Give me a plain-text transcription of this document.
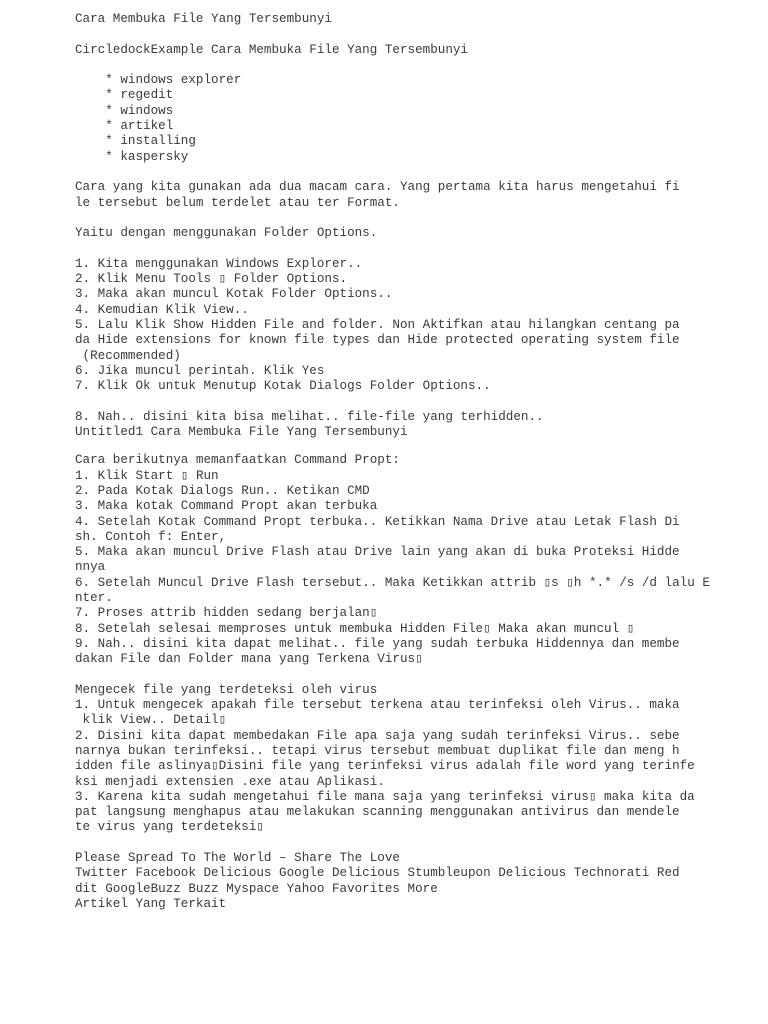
Cara Membuka File Yang Tersembunyi
CircledockExample Cara Membuka File Yang Tersembunyi
* windows explorer
* regedit
* windows
* artikel
* installing
* kaspersky
Cara yang kita gunakan ada dua macam cara. Yang pertama kita harus mengetahui fi
le tersebut belum terdelet atau ter Format.
Yaitu dengan menggunakan Folder Options.
1. Kita menggunakan Windows Explorer..
2. Klik Menu Tools ▯ Folder Options.
3. Maka akan muncul Kotak Folder Options..
4. Kemudian Klik View..
5. Lalu Klik Show Hidden File and folder. Non Aktifkan atau hilangkan centang pa
da Hide extensions for known file types dan Hide protected operating system file
(Recommended)
6. Jika muncul perintah. Klik Yes
7. Klik Ok untuk Menutup Kotak Dialogs Folder Options..
8. Nah.. disini kita bisa melihat.. file-file yang terhidden..
Untitled1 Cara Membuka File Yang Tersembunyi
Cara berikutnya memanfaatkan Command Propt:
1. Klik Start ▯ Run
2. Pada Kotak Dialogs Run.. Ketikan CMD
3. Maka kotak Command Propt akan terbuka
4. Setelah Kotak Command Propt terbuka.. Ketikkan Nama Drive atau Letak Flash Di
sh. Contoh f: Enter,
5. Maka akan muncul Drive Flash atau Drive lain yang akan di buka Proteksi Hidde
nnya
6. Setelah Muncul Drive Flash tersebut.. Maka Ketikkan attrib ▯s ▯h *.* /s /d lalu E
nter.
7. Proses attrib hidden sedang berjalan▯
8. Setelah selesai memproses untuk membuka Hidden File▯ Maka akan muncul ▯
9. Nah.. disini kita dapat melihat.. file yang sudah terbuka Hiddennya dan membe
dakan File dan Folder mana yang Terkena Virus▯
Mengecek file yang terdeteksi oleh virus
1. Untuk mengecek apakah file tersebut terkena atau terinfeksi oleh Virus.. maka
klik View.. Detail▯
2. Disini kita dapat membedakan File apa saja yang sudah terinfeksi Virus.. sebe
narnya bukan terinfeksi.. tetapi virus tersebut membuat duplikat file dan meng h
idden file aslinya▯Disini file yang terinfeksi virus adalah file word yang terinfe
ksi menjadi extensien .exe atau Aplikasi.
3. Karena kita sudah mengetahui file mana saja yang terinfeksi virus▯ maka kita da
pat langsung menghapus atau melakukan scanning menggunakan antivirus dan mendele
te virus yang terdeteksi▯
Please Spread To The World – Share The Love
Twitter Facebook Delicious Google Delicious Stumbleupon Delicious Technorati Red
dit GoogleBuzz Buzz Myspace Yahoo Favorites More
Artikel Yang Terkait
